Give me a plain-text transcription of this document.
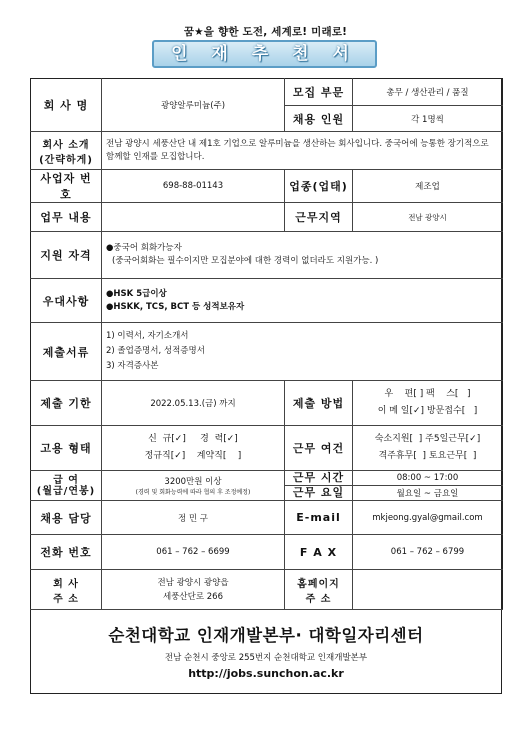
꿈★을 향한 도전, 세계로! 미래로!
인 재 추 천 서
회 사 명	광양알루미늄(주)	모집 부문	총무 / 생산관리 / 품질
		채용 인원	각 1명씩

회사 소개
(간략하게)	전남 광양시 세풍산단 내 제1호 기업으로 알루미늄을 생산하는 회사입니다. 중국어에 능통한 장기적으로 함께할 인재를 모집합니다.		
사업자 번호	698-88-01143	업종(업태)	제조업
업무 내용		근무지역	전남 광양시
지원 자격	●중국어 회화가능자
(중국어회화는 필수이지만 모집분야에 대한 경력이 없더라도 지원가능. )		

우대사항	●HSK 5급이상
●HSKK, TCS, BCT 등 성적보유자		

제출서류	1) 이력서, 자기소개서
2) 졸업증명서, 성적증명서
3) 자격증사본		

제출 기한	2022.05.13.(금) 까지	제출 방법	우    편[ ] 팩    스[   ]
이 메 일[✓] 방문접수[   ]

고용 형태	신  규[✓]     경  력[✓]
정규직[✓]    계약직[    ]	근무 여건	숙소지원[  ] 주5일근무[✓]
격주휴무[  ] 토요근무[  ]

급 여
(월급/연봉)	3200만원 이상
(경력 및 회화능력에 따라 협의 후 조정예정)	근무 시간	08:00 ~ 17:00
		근무 요일	월요일 ~ 금요일
채용 담당	정 민 구	E-mail	mkjeong.gyal@gmail.com
전화 번호	061 – 762 – 6699	F A X	061 – 762 – 6799

회 사
주 소	전남 광양시 광양읍
세풍산단로 266	홈페이지
주 소	

순천대학교 인재개발본부· 대학일자리센터
전남 순천시 중앙로 255번지 순천대학교 인재개발본부
http://jobs.sunchon.ac.kr
